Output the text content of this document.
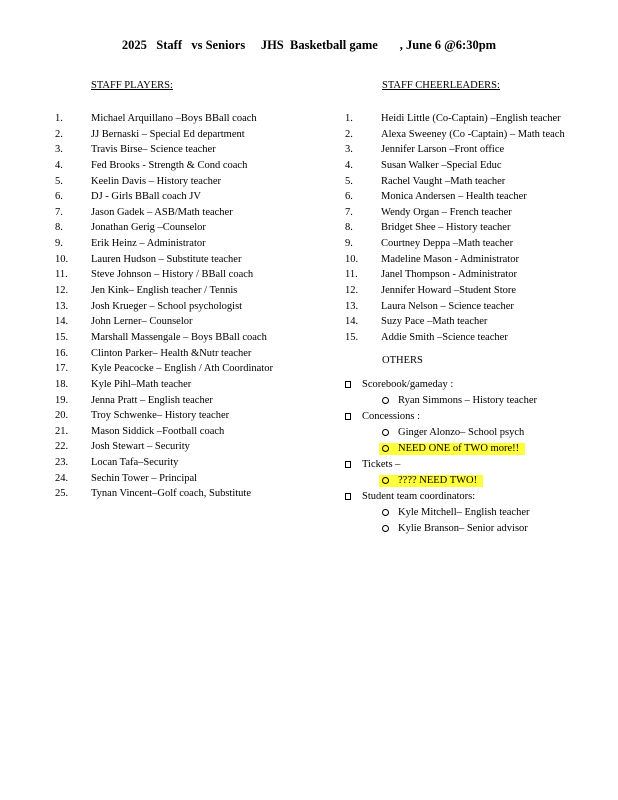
2025   Staff   vs Seniors     JHS  Basketball game       , June 6 @6:30pm
STAFF PLAYERS:	STAFF CHEERLEADERS:
1.	Michael Arquillano –Boys BBall coach
2.	JJ Bernaski – Special Ed department
3.	Travis Birse– Science teacher
4.	Fed Brooks - Strength & Cond coach
5.	Keelin Davis – History teacher
6.	DJ - Girls BBall coach JV
7.	Jason Gadek – ASB/Math teacher
8.	Jonathan Gerig –Counselor
9.	Erik Heinz – Administrator
10. Lauren Hudson – Substitute teacher
11. Steve Johnson – History / BBall coach
12. Jen Kink– English teacher / Tennis
13. Josh Krueger – School psychologist
14. John Lerner– Counselor
15. Marshall Massengale – Boys BBall coach
16. Clinton Parker– Health &Nutr teacher
17. Kyle Peacocke – English / Ath Coordinator
18. Kyle Pihl–Math teacher
19. Jenna Pratt – English teacher
20. Troy Schwenke– History teacher
21. Mason Siddick –Football coach
22. Josh Stewart – Security
23. Locan Tafa–Security
24. Sechin Tower – Principal
25. Tynan Vincent–Golf coach, Substitute
1.	Heidi Little (Co-Captain) –English teacher
2.	Alexa Sweeney (Co -Captain) – Math teach
3.	Jennifer Larson –Front office
4.	Susan Walker –Special Educ
5.	Rachel Vaught –Math teacher
6.	Monica Andersen – Health teacher
7.	Wendy Organ – French teacher
8.	Bridget Shee – History teacher
9.	Courtney Deppa –Math teacher
10. Madeline Mason - Administrator
11. Janel Thompson - Administrator
12. Jennifer Howard –Student Store
13. Laura Nelson – Science teacher
14. Suzy Pace –Math teacher
15. Addie Smith –Science teacher
OTHERS
Scorebook/gameday :
Ryan Simmons – History teacher
Concessions :
Ginger Alonzo– School psych
NEED ONE of TWO more!!
Tickets –
???? NEED TWO!
Student team coordinators:
Kyle Mitchell– English teacher
Kylie Branson– Senior advisor
